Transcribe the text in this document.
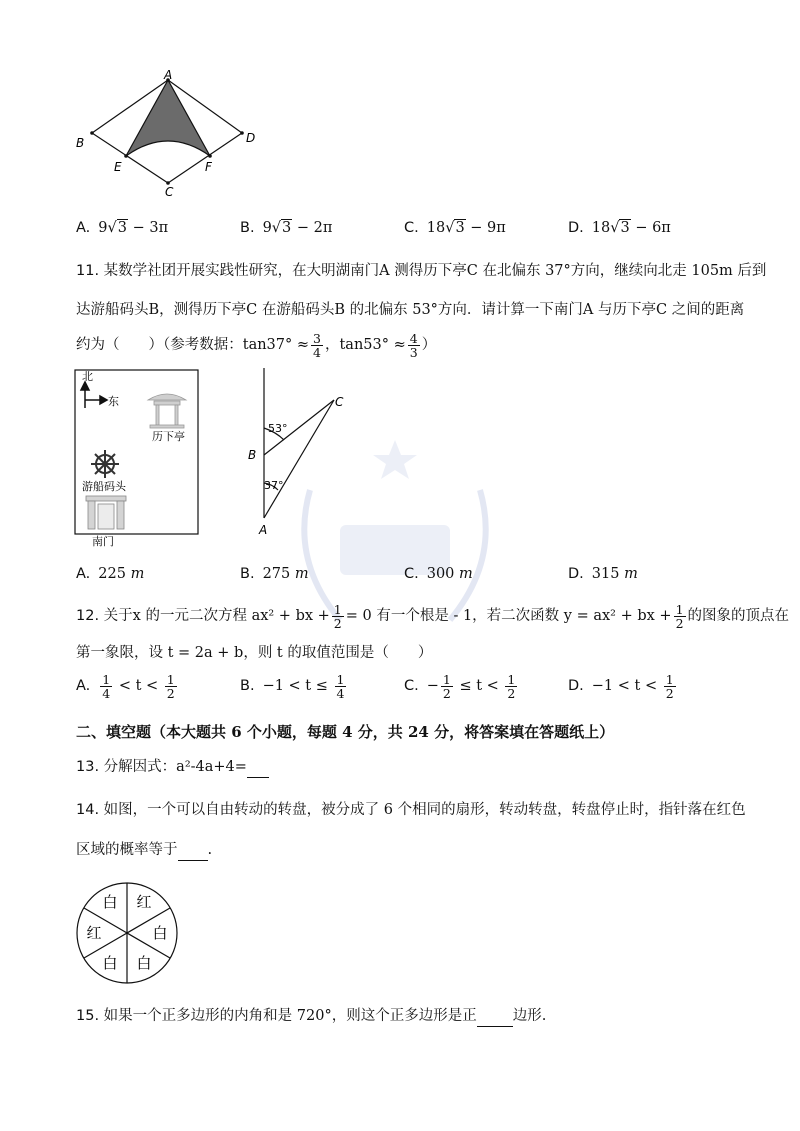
A
B
C
D
E	F
A. 9√3 − 3π	B. 9√3 − 2π	C. 18√3 − 9π	D. 18√3 − 6π
11. 某数学社团开展实践性研究，在大明湖南门A 测得历下亭C 在北偏东 37°方向，继续向北走 105m 后到
达游船码头B，测得历下亭C 在游船码头B 的北偏东 53°方向．请计算一下南门A 与历下亭C 之间的距离
约为（　　）（参考数据：$\tan 37^\circ \approx \frac{3}{4}$ ，$\tan 53^\circ \approx \frac{4}{3}$ ）
北
东
历下亭
游船码头
南门
53°
37°
A
B
C
A. 225 m	B. 275 m	C. 300 m	D. 315 m
12. 关于x 的一元二次方程 ax² + bx + $\frac{1}{2} = 0$ 有一个根是 - 1，若二次函数 y = ax² + bx + $\frac{1}{2}$ 的图象的顶点在
第一象限，设 t = 2a + b，则 t 的取值范围是（　　）
A. $\frac{1}{4} < t < \frac{1}{2}$	B. $-1 < t \le \frac{1}{4}$	C. − $\frac{1}{2} \le t < \frac{1}{2}$	D. $-1 < t < \frac{1}{2}$
二、填空题（本大题共 6 个小题，每题 4 分，共 24 分，将答案填在答题纸上）
13. 分解因式：a²-4a+4=
14. 如图，一个可以自由转动的转盘，被分成了 6 个相同的扇形，转动转盘，转盘停止时，指针落在红色
区域的概率等于 .
红
白
白
白
红
白
15. 如果一个正多边形的内角和是 720°，则这个正多边形是正 边形.
